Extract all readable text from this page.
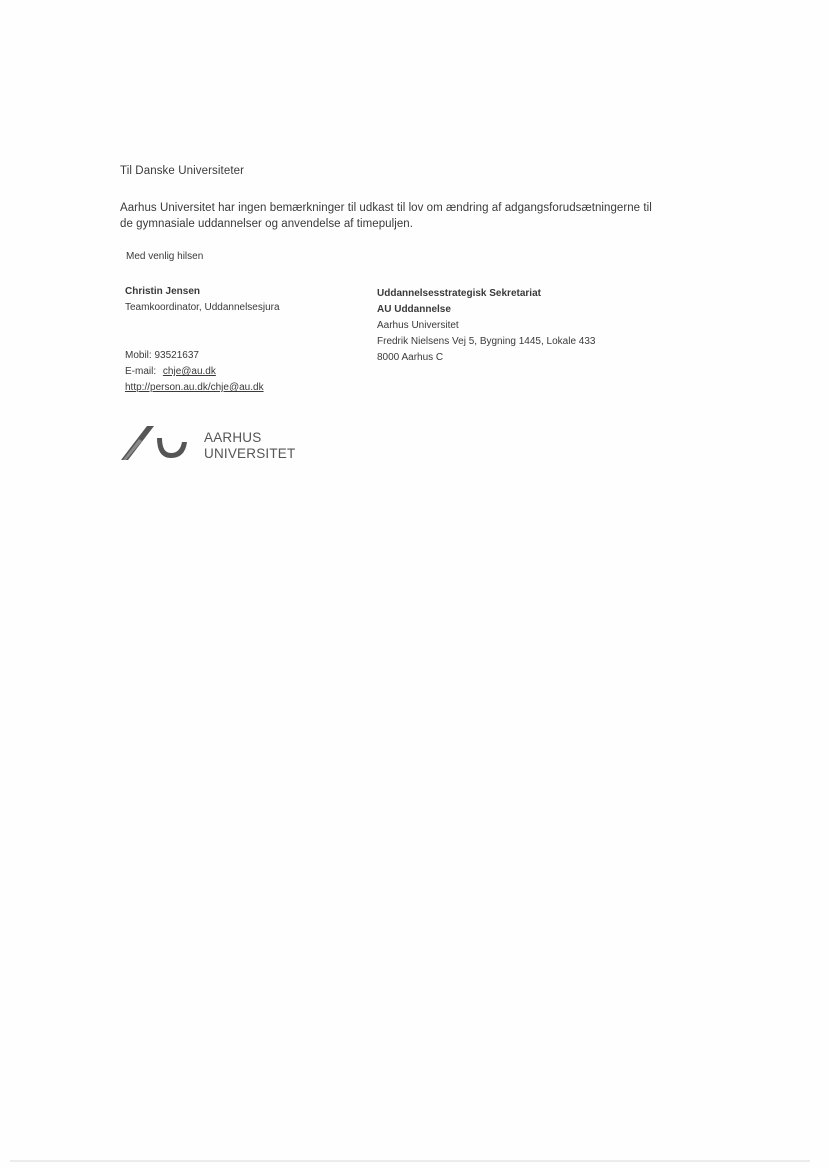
Til Danske Universiteter
Aarhus Universitet har ingen bemærkninger til udkast til lov om ændring af adgangsforudsætningerne til
de gymnasiale uddannelser og anvendelse af timepuljen.
Med venlig hilsen
Christin Jensen
Teamkoordinator, Uddannelsesjura
Mobil: 93521637
E-mail: chje@au.dk
http://person.au.dk/chje@au.dk
Uddannelsesstrategisk Sekretariat
AU Uddannelse
Aarhus Universitet
Fredrik Nielsens Vej 5, Bygning 1445, Lokale 433
8000 Aarhus C
AARHUS
UNIVERSITET
